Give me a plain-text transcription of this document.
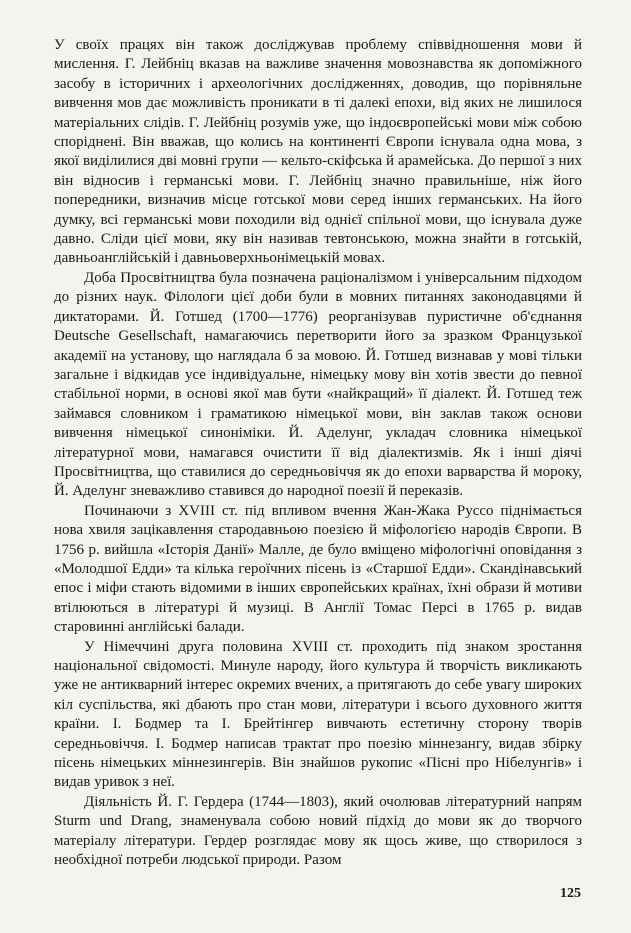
У своїх працях він також досліджував проблему співвідношення мови й мислення. Г. Лейбніц вказав на важливе значення мовознавства як допоміжного засобу в історичних і археологічних дослідженнях, доводив, що порівняльне вивчення мов дає можливість проникати в ті далекі епохи, від яких не лишилося матеріальних слідів. Г. Лейбніц розумів уже, що індоєвропейські мови між собою споріднені. Він вважав, що колись на континенті Європи існувала одна мова, з якої виділилися дві мовні групи — кельто-скіфська й арамейська. До першої з них він відносив і германські мови. Г. Лейбніц значно правильніше, ніж його попередники, визначив місце готської мови серед інших германських. На його думку, всі германські мови походили від однієї спільної мови, що існувала дуже давно. Сліди цієї мови, яку він називав тевтонською, можна знайти в готській, давньоанглійській і давньоверхньонімецькій мовах.

Доба Просвітництва була позначена раціоналізмом і універсальним підходом до різних наук. Філологи цієї доби були в мовних питаннях законодавцями й диктаторами. Й. Готшед (1700—1776) реорганізував пуристичне об'єднання Deutsche Gesellschaft, намагаючись перетворити його за зразком Французької академії на установу, що наглядала б за мовою. Й. Готшед визнавав у мові тільки загальне і відкидав усе індивідуальне, німецьку мову він хотів звести до певної стабільної норми, в основі якої мав бути «найкращий» її діалект. Й. Готшед теж займався словником і граматикою німецької мови, він заклав також основи вивчення німецької синоніміки. Й. Аделунг, укладач словника німецької літературної мови, намагався очистити її від діалектизмів. Як і інші діячі Просвітництва, що ставилися до середньовіччя як до епохи варварства й мороку, Й. Аделунг зневажливо ставився до народної поезії й переказів.

Починаючи з XVIII ст. під впливом вчення Жан-Жака Руссо піднімається нова хвиля зацікавлення стародавньою поезією й міфологією народів Європи. В 1756 р. вийшла «Історія Данії» Малле, де було вміщено міфологічні оповідання з «Молодшої Едди» та кілька героїчних пісень із «Старшої Едди». Скандінавський епос і міфи стають відомими в інших європейських країнах, їхні образи й мотиви втілюються в літературі й музиці. В Англії Томас Персі в 1765 р. видав старовинні англійські балади.

У Німеччині друга половина XVIII ст. проходить під знаком зростання національної свідомості. Минуле народу, його культура й творчість викликають уже не антикварний інтерес окремих вчених, а притягають до себе увагу широких кіл суспільства, які дбають про стан мови, літератури і всього духовного життя країни. І. Бодмер та І. Брейтінгер вивчають естетичну сторону творів середньовіччя. І. Бодмер написав трактат про поезію міннезангу, видав збірку пісень німецьких міннезингерів. Він знайшов рукопис «Пісні про Нібелунгів» і видав уривок з неї.

Діяльність Й. Г. Гердера (1744—1803), який очолював літературний напрям Sturm und Drang, знаменувала собою новий підхід до мови як до творчого матеріалу літератури. Гердер розглядає мову як щось живе, що створилося з необхідної потреби людської природи. Разом

125
